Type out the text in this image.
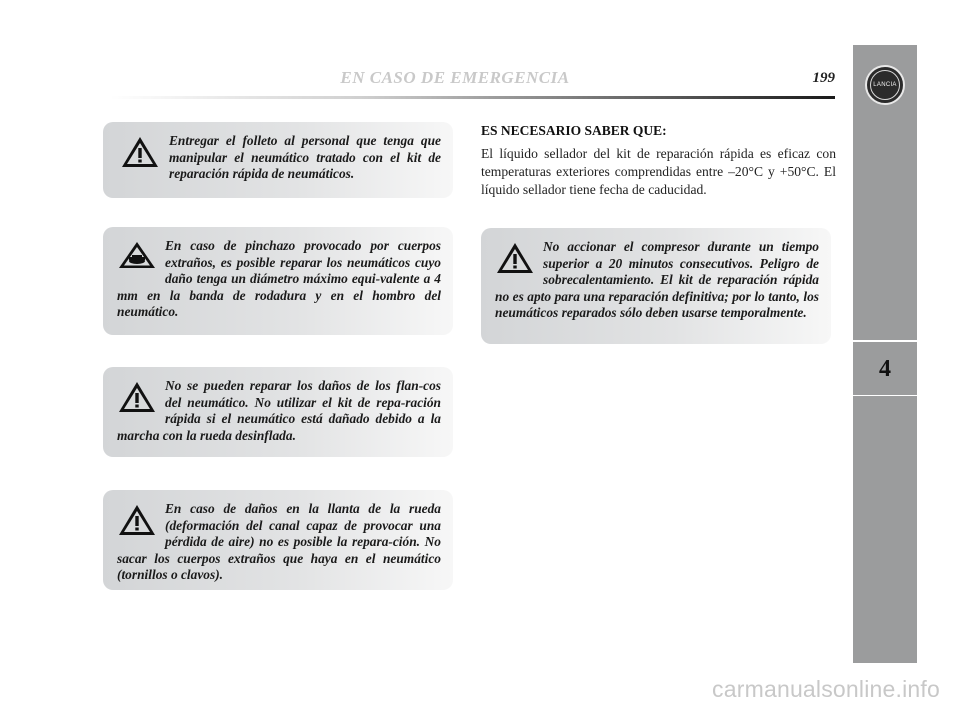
LANCIA
4
EN CASO DE EMERGENCIA	199
Entregar el folleto al personal que tenga que manipular el neumático tratado con el kit de reparación rápida de neumáticos.
En caso de pinchazo provocado por cuerpos extraños, es posible reparar los neumáticos cuyo daño tenga un diámetro máximo equi-valente a 4 mm en la banda de rodadura y en el hombro del neumático.
No se pueden reparar los daños de los flan-cos del neumático. No utilizar el kit de repa-ración rápida si el neumático está dañado debido a la marcha con la rueda desinflada.
En caso de daños en la llanta de la rueda (deformación del canal capaz de provocar una pérdida de aire) no es posible la repara-ción. No sacar los cuerpos extraños que haya en el neumático (tornillos o clavos).
ES NECESARIO SABER QUE:
El líquido sellador del kit de reparación rápida es eficaz con temperaturas exteriores comprendidas entre –20°C y +50°C. El líquido sellador tiene fecha de caducidad.
No accionar el compresor durante un tiempo superior a 20 minutos consecutivos. Peligro de sobrecalentamiento. El kit de reparación rápida no es apto para una reparación definitiva; por lo tanto, los neumáticos reparados sólo deben usarse temporalmente.
carmanualsonline.info
